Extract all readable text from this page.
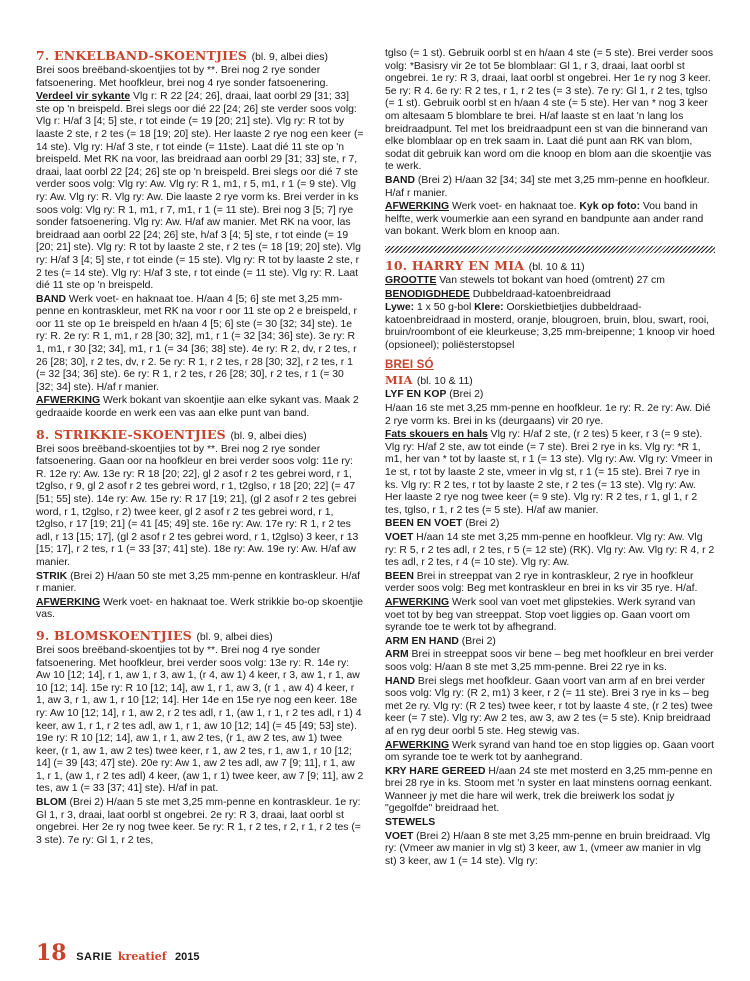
7. ENKELBAND-SKOENTJIES (bl. 9, albei dies)

Brei soos breëband-skoentjies tot by **. Brei nog 2 rye sonder fatsoenering. Met hoofkleur, brei nog 4 rye sonder fatsoenering.

Verdeel vir sykante Vlg r: R 22 [24; 26], draai, laat oorbl 29 [31; 33] ste op 'n breispeld. Brei slegs oor dié 22 [24; 26] ste verder soos volg: Vlg r: H/af 3 [4; 5] ste, r tot einde (= 19 [20; 21] ste). Vlg ry: R tot by laaste 2 ste, r 2 tes (= 18 [19; 20] ste). Her laaste 2 rye nog een keer (= 14 ste). Vlg ry: H/af 3 ste, r tot einde (= 11ste). Laat dié 11 ste op 'n breispeld. Met RK na voor, las breidraad aan oorbl 29 [31; 33] ste, r 7, draai, laat oorbl 22 [24; 26] ste op 'n breispeld. Brei slegs oor dié 7 ste verder soos volg: Vlg ry: Aw. Vlg ry: R 1, m1, r 5, m1, r 1 (= 9 ste). Vlg ry: Aw. Vlg ry: R. Vlg ry: Aw. Die laaste 2 rye vorm ks. Brei verder in ks soos volg: Vlg ry: R 1, m1, r 7, m1, r 1 (= 11 ste). Brei nog 3 [5; 7] rye sonder fatsoenering. Vlg ry: Aw. H/af aw manier. Met RK na voor, las breidraad aan oorbl 22 [24; 26] ste, h/af 3 [4; 5] ste, r tot einde (= 19 [20; 21] ste). Vlg ry: R tot by laaste 2 ste, r 2 tes (= 18 [19; 20] ste). Vlg ry: H/af 3 [4; 5] ste, r tot einde (= 15 ste). Vlg ry: R tot by laaste 2 ste, r 2 tes (= 14 ste). Vlg ry: H/af 3 ste, r tot einde (= 11 ste). Vlg ry: R. Laat dié 11 ste op 'n breispeld.

BAND Werk voet- en haknaat toe. H/aan 4 [5; 6] ste met 3,25 mm-penne en kontraskleur, met RK na voor r oor 11 ste op 2 e breispeld, r oor 11 ste op 1e breispeld en h/aan 4 [5; 6] ste (= 30 [32; 34] ste). 1e ry: R. 2e ry: R 1, m1, r 28 [30; 32], m1, r 1 (= 32 [34; 36] ste). 3e ry: R 1, m1, r 30 [32; 34], m1, r 1 (= 34 [36; 38] ste). 4e ry: R 2, dv, r 2 tes, r 26 [28; 30], r 2 tes, dv, r 2. 5e ry: R 1, r 2 tes, r 28 [30; 32], r 2 tes, r 1 (= 32 [34; 36] ste). 6e ry: R 1, r 2 tes, r 26 [28; 30], r 2 tes, r 1 (= 30 [32; 34] ste). H/af r manier.

AFWERKING Werk bokant van skoentjie aan elke sykant vas. Maak 2 gedraaide koorde en werk een vas aan elke punt van band.

8. STRIKKIE-SKOENTJIES (bl. 9, albei dies)

Brei soos breëband-skoentjies tot by **. Brei nog 2 rye sonder fatsoenering. Gaan oor na hoofkleur en brei verder soos volg: 11e ry: R. 12e ry: Aw. 13e ry: R 18 [20; 22], gl 2 asof r 2 tes gebrei word, r 1, t2glso, r 9, gl 2 asof r 2 tes gebrei word, r 1, t2glso, r 18 [20; 22] (= 47 [51; 55] ste). 14e ry: Aw. 15e ry: R 17 [19; 21], (gl 2 asof r 2 tes gebrei word, r 1, t2glso, r 2) twee keer, gl 2 asof r 2 tes gebrei word, r 1, t2glso, r 17 [19; 21] (= 41 [45; 49] ste. 16e ry: Aw. 17e ry: R 1, r 2 tes adl, r 13 [15; 17], (gl 2 asof r 2 tes gebrei word, r 1, t2glso) 3 keer, r 13 [15; 17], r 2 tes, r 1 (= 33 [37; 41] ste). 18e ry: Aw. 19e ry: Aw. H/af aw manier.

STRIK (Brei 2) H/aan 50 ste met 3,25 mm-penne en kontraskleur. H/af r manier.

AFWERKING Werk voet- en haknaat toe. Werk strikkie bo-op skoentjie vas.

9. BLOMSKOENTJIES (bl. 9, albei dies)

Brei soos breëband-skoentjies tot by **. Brei nog 4 rye sonder fatsoenering. Met hoofkleur, brei verder soos volg: 13e ry: R. 14e ry: Aw 10 [12; 14], r 1, aw 1, r 3, aw 1, (r 4, aw 1) 4 keer, r 3, aw 1, r 1, aw 10 [12; 14]. 15e ry: R 10 [12; 14], aw 1, r 1, aw 3, (r 1 , aw 4) 4 keer, r 1, aw 3, r 1, aw 1, r 10 [12; 14]. Her 14e en 15e rye nog een keer. 18e ry: Aw 10 [12; 14], r 1, aw 2, r 2 tes adl, r 1, (aw 1, r 1, r 2 tes adl, r 1) 4 keer, aw 1, r 1, r 2 tes adl, aw 1, r 1, aw 10 [12; 14] (= 45 [49; 53] ste). 19e ry: R 10 [12; 14], aw 1, r 1, aw 2 tes, (r 1, aw 2 tes, aw 1) twee keer, (r 1, aw 1, aw 2 tes) twee keer, r 1, aw 2 tes, r 1, aw 1, r 10 [12; 14] (= 39 [43; 47] ste). 20e ry: Aw 1, aw 2 tes adl, aw 7 [9; 11], r 1, aw 1, r 1, (aw 1, r 2 tes adl) 4 keer, (aw 1, r 1) twee keer, aw 7 [9; 11], aw 2 tes, aw 1 (= 33 [37; 41] ste). H/af in pat.

BLOM (Brei 2) H/aan 5 ste met 3,25 mm-penne en kontraskleur. 1e ry: Gl 1, r 3, draai, laat oorbl st ongebrei. 2e ry: R 3, draai, laat oorbl st ongebrei. Her 2e ry nog twee keer. 5e ry: R 1, r 2 tes, r 2, r 1, r 2 tes (= 3 ste). 7e ry: Gl 1, r 2 tes,

tglso (= 1 st). Gebruik oorbl st en h/aan 4 ste (= 5 ste). Brei verder soos volg: *Basisry vir 2e tot 5e blomblaar: Gl 1, r 3, draai, laat oorbl st ongebrei. 1e ry: R 3, draai, laat oorbl st ongebrei. Her 1e ry nog 3 keer. 5e ry: R 4. 6e ry: R 2 tes, r 1, r 2 tes (= 3 ste). 7e ry: Gl 1, r 2 tes, tglso (= 1 st). Gebruik oorbl st en h/aan 4 ste (= 5 ste). Her van * nog 3 keer om altesaam 5 blomblare te brei. H/af laaste st en laat 'n lang los breidraadpunt. Tel met los breidraadpunt een st van die binnerand van elke blomblaar op en trek saam in. Laat dié punt aan RK van blom, sodat dit gebruik kan word om die knoop en blom aan die skoentjie vas te werk.

BAND (Brei 2) H/aan 32 [34; 34] ste met 3,25 mm-penne en hoofkleur. H/af r manier.

AFWERKING Werk voet- en haknaat toe. Kyk op foto: Vou band in helfte, werk voumerkie aan een syrand en bandpunte aan ander rand van bokant. Werk blom en knoop aan.

10. HARRY EN MIA (bl. 10 & 11)

GROOTTE Van stewels tot bokant van hoed (omtrent) 27 cm

BENODIGDHEDE Dubbeldraad-katoenbreidraad

Lywe: 1 x 50 g-bol Klere: Oorskietbietjies dubbeldraad-katoenbreidraad in mosterd, oranje, blougroen, bruin, blou, swart, rooi, bruin/roombont of eie kleurkeuse; 3,25 mm-breipenne; 1 knoop vir hoed (opsioneel); poliësterstopsel

BREI SÓ
MIA (bl. 10 & 11)

LYF EN KOP (Brei 2)

H/aan 16 ste met 3,25 mm-penne en hoofkleur. 1e ry: R. 2e ry: Aw. Dié 2 rye vorm ks. Brei in ks (deurgaans) vir 20 rye.

Fats skouers en hals Vlg ry: H/af 2 ste, (r 2 tes) 5 keer, r 3 (= 9 ste). Vlg ry: H/af 2 ste, aw tot einde (= 7 ste). Brei 2 rye in ks. Vlg ry: *R 1, m1, her van * tot by laaste st, r 1 (= 13 ste). Vlg ry: Aw. Vlg ry: Vmeer in 1e st, r tot by laaste 2 ste, vmeer in vlg st, r 1 (= 15 ste). Brei 7 rye in ks. Vlg ry: R 2 tes, r tot by laaste 2 ste, r 2 tes (= 13 ste). Vlg ry: Aw. Her laaste 2 rye nog twee keer (= 9 ste). Vlg ry: R 2 tes, r 1, gl 1, r 2 tes, tglso, r 1, r 2 tes (= 5 ste). H/af aw manier.

BEEN EN VOET (Brei 2)

VOET H/aan 14 ste met 3,25 mm-penne en hoofkleur. Vlg ry: Aw. Vlg ry: R 5, r 2 tes adl, r 2 tes, r 5 (= 12 ste) (RK). Vlg ry: Aw. Vlg ry: R 4, r 2 tes adl, r 2 tes, r 4 (= 10 ste). Vlg ry: Aw.

BEEN Brei in streeppat van 2 rye in kontraskleur, 2 rye in hoofkleur verder soos volg: Beg met kontraskleur en brei in ks vir 35 rye. H/af.

AFWERKING Werk sool van voet met glipstekies. Werk syrand van voet tot by beg van streeppat. Stop voet liggies op. Gaan voort om syrande toe te werk tot by afhegrand.

ARM EN HAND (Brei 2)

ARM Brei in streeppat soos vir bene – beg met hoofkleur en brei verder soos volg: H/aan 8 ste met 3,25 mm-penne. Brei 22 rye in ks.

HAND Brei slegs met hoofkleur. Gaan voort van arm af en brei verder soos volg: Vlg ry: (R 2, m1) 3 keer, r 2 (= 11 ste). Brei 3 rye in ks – beg met 2e ry. Vlg ry: (R 2 tes) twee keer, r tot by laaste 4 ste, (r 2 tes) twee keer (= 7 ste). Vlg ry: Aw 2 tes, aw 3, aw 2 tes (= 5 ste). Knip breidraad af en ryg deur oorbl 5 ste. Heg stewig vas.

AFWERKING Werk syrand van hand toe en stop liggies op. Gaan voort om syrande toe te werk tot by aanhegrand.

KRY HARE GEREED H/aan 24 ste met mosterd en 3,25 mm-penne en brei 28 rye in ks. Stoom met 'n syster en laat minstens oornag eenkant. Wanneer jy met die hare wil werk, trek die breiwerk los sodat jy "gegolfde" breidraad het.

STEWELS

VOET (Brei 2) H/aan 8 ste met 3,25 mm-penne en bruin breidraad. Vlg ry: (Vmeer aw manier in vlg st) 3 keer, aw 1, (vmeer aw manier in vlg st) 3 keer, aw 1 (= 14 ste). Vlg ry:

18 SARIE kreatief 2015
